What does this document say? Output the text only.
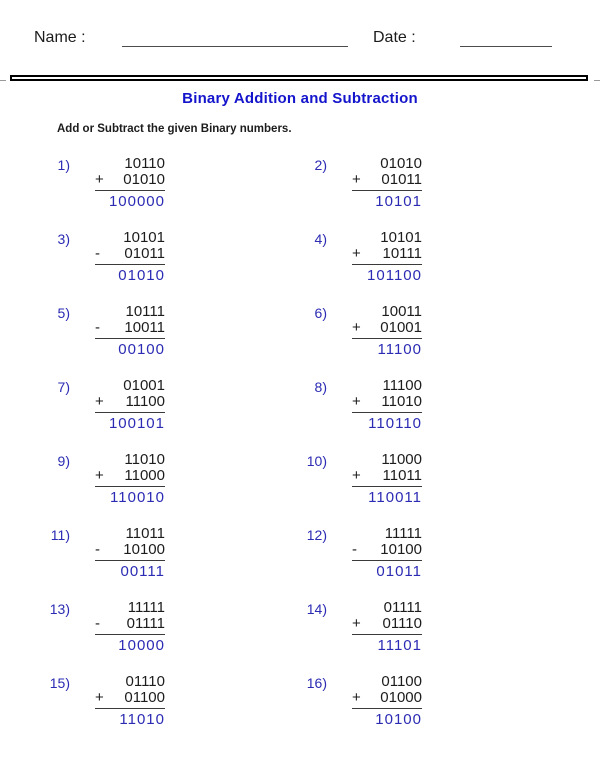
Name :	Date :
Binary Addition and Subtraction
Add or Subtract the given Binary numbers.
1)	10110
+ 01010
100000
2)	01010
+ 01011
10101
3)	10101
- 01011
01010
4)	10101
+ 10111
101100
5)	10111
- 10011
00100
6)	10011
+ 01001
11100
7)	01001
+ 11100
100101
8)	11100
+ 11010
110110
9)	11010
+ 11000
110010
10)	11000
+ 11011
110011
11)	11011
- 10100
00111
12)	11111
- 10100
01011
13)	11111
- 01111
10000
14)	01111
+ 01110
11101
15)	01110
+ 01100
11010
16)	01100
+ 01000
10100
